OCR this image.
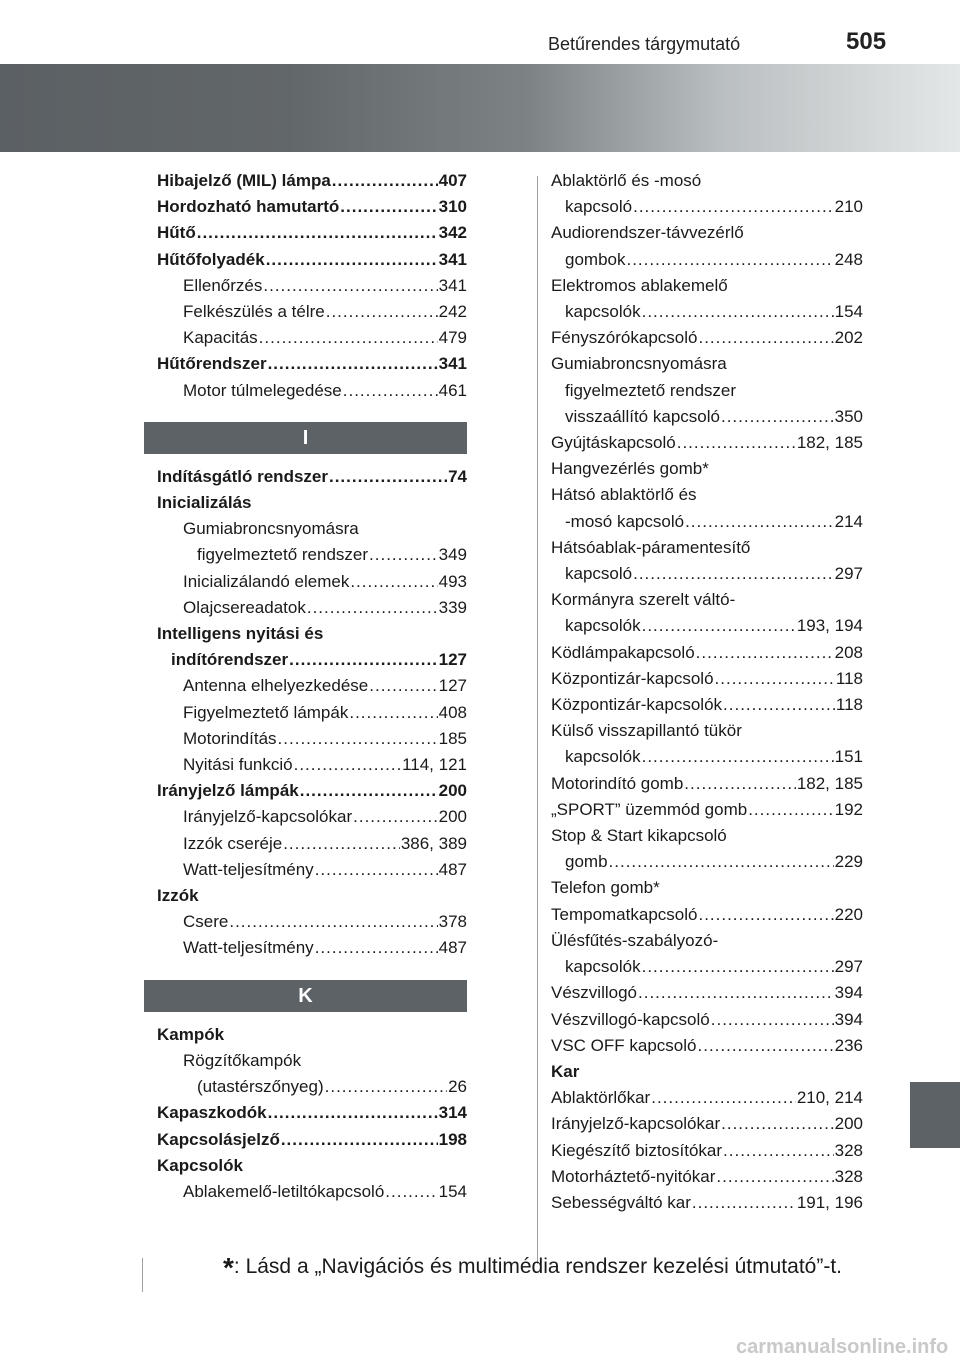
Betűrendes tárgymutató	505
Hibajelző (MIL) lámpa .....	407
Hordozható hamutartó .....	310
Hűtő .....	342
Hűtőfolyadék .....	341
Ellenőrzés .....	341
Felkészülés a télre .....	242
Kapacitás .....	479
Hűtőrendszer .....	341
Motor túlmelegedése .....	461
I
Indításgátló rendszer .....	74
Inicializálás
Gumiabroncsnyomásra
figyelmeztető rendszer .....	349
Inicializálandó elemek .....	493
Olajcsereadatok .....	339
Intelligens nyitási és
indítórendszer .....	127
Antenna elhelyezkedése .....	127
Figyelmeztető lámpák .....	408
Motorindítás .....	185
Nyitási funkció .....	114, 121
Irányjelző lámpák .....	200
Irányjelző-kapcsolókar .....	200
Izzók cseréje .....	386, 389
Watt-teljesítmény .....	487
Izzók
Csere .....	378
Watt-teljesítmény .....	487
K
Kampók
Rögzítőkampók
(utastérszőnyeg) .....	26
Kapaszkodók .....	314
Kapcsolásjelző .....	198
Kapcsolók
Ablakemelő-letiltókapcsoló .....	154
Ablaktörlő és -mosó
kapcsoló .....	210
Audiorendszer-távvezérlő
gombok .....	248
Elektromos ablakemelő
kapcsolók .....	154
Fényszórókapcsoló .....	202
Gumiabroncsnyomásra
figyelmeztető rendszer
visszaállító kapcsoló .....	350
Gyújtáskapcsoló .....	182, 185
Hangvezérlés gomb*
Hátsó ablaktörlő és
-mosó kapcsoló .....	214
Hátsóablak-páramentesítő
kapcsoló .....	297
Kormányra szerelt váltó-
kapcsolók .....	193, 194
Ködlámpakapcsoló .....	208
Központizár-kapcsoló .....	118
Központizár-kapcsolók .....	118
Külső visszapillantó tükör
kapcsolók .....	151
Motorindító gomb .....	182, 185
„SPORT” üzemmód gomb .....	192
Stop & Start kikapcsoló
gomb .....	229
Telefon gomb*
Tempomatkapcsoló .....	220
Ülésfűtés-szabályozó-
kapcsolók .....	297
Vészvillogó .....	394
Vészvillogó-kapcsoló .....	394
VSC OFF kapcsoló .....	236
Kar
Ablaktörlőkar .....	210, 214
Irányjelző-kapcsolókar .....	200
Kiegészítő biztosítókar .....	328
Motorháztető-nyitókar .....	328
Sebességváltó kar .....	191, 196
*: Lásd a „Navigációs és multimédia rendszer kezelési útmutató”-t.
carmanualsonline.info
